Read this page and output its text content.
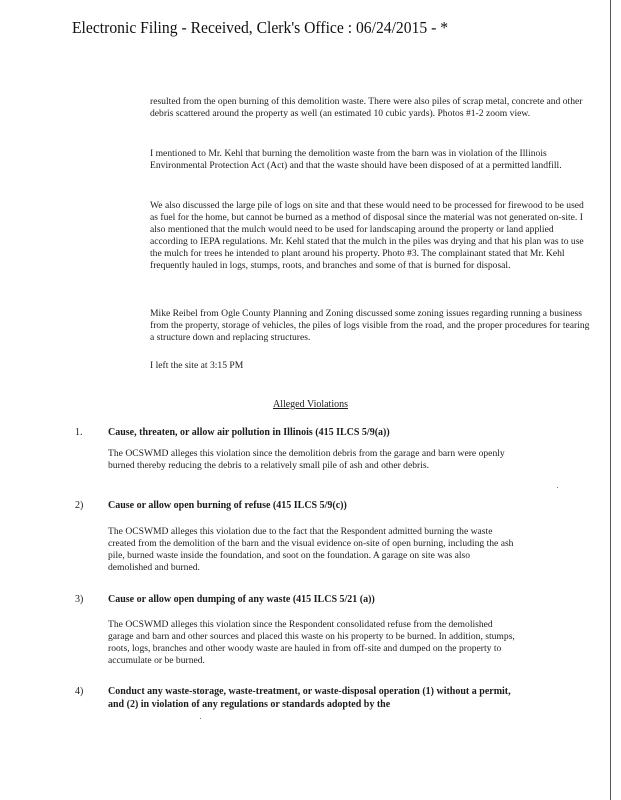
Electronic Filing - Received, Clerk's Office : 06/24/2015 - *

resulted from the open burning of this demolition waste. There were also piles of scrap metal, concrete and other debris scattered around the property as well (an estimated 10 cubic yards). Photos #1-2 zoom view.

I mentioned to Mr. Kehl that burning the demolition waste from the barn was in violation of the Illinois Environmental Protection Act (Act) and that the waste should have been disposed of at a permitted landfill.

We also discussed the large pile of logs on site and that these would need to be processed for firewood to be used as fuel for the home, but cannot be burned as a method of disposal since the material was not generated on-site. I also mentioned that the mulch would need to be used for landscaping around the property or land applied according to IEPA regulations. Mr. Kehl stated that the mulch in the piles was drying and that his plan was to use the mulch for trees he intended to plant around his property. Photo #3. The complainant stated that Mr. Kehl frequently hauled in logs, stumps, roots, and branches and some of that is burned for disposal.

Mike Reibel from Ogle County Planning and Zoning discussed some zoning issues regarding running a business from the property, storage of vehicles, the piles of logs visible from the road, and the proper procedures for tearing a structure down and replacing structures.

I left the site at 3:15 PM

Alleged Violations
1.	Cause, threaten, or allow air pollution in Illinois (415 ILCS 5/9(a))

The OCSWMD alleges this violation since the demolition debris from the garage and barn were openly burned thereby reducing the debris to a relatively small pile of ash and other debris.

2) Cause or allow open burning of refuse (415 ILCS 5/9(c))

The OCSWMD alleges this violation due to the fact that the Respondent admitted burning the waste created from the demolition of the barn and the visual evidence on-site of open burning, including the ash pile, burned waste inside the foundation, and soot on the foundation. A garage on site was also demolished and burned.

3) Cause or allow open dumping of any waste (415 ILCS 5/21 (a))

The OCSWMD alleges this violation since the Respondent consolidated refuse from the demolished garage and barn and other sources and placed this waste on his property to be burned. In addition, stumps, roots, logs, branches and other woody waste are hauled in from off-site and dumped on the property to accumulate or be burned.

4) Conduct any waste-storage, waste-treatment, or waste-disposal operation (1) without a permit, and (2) in violation of any regulations or standards adopted by the
